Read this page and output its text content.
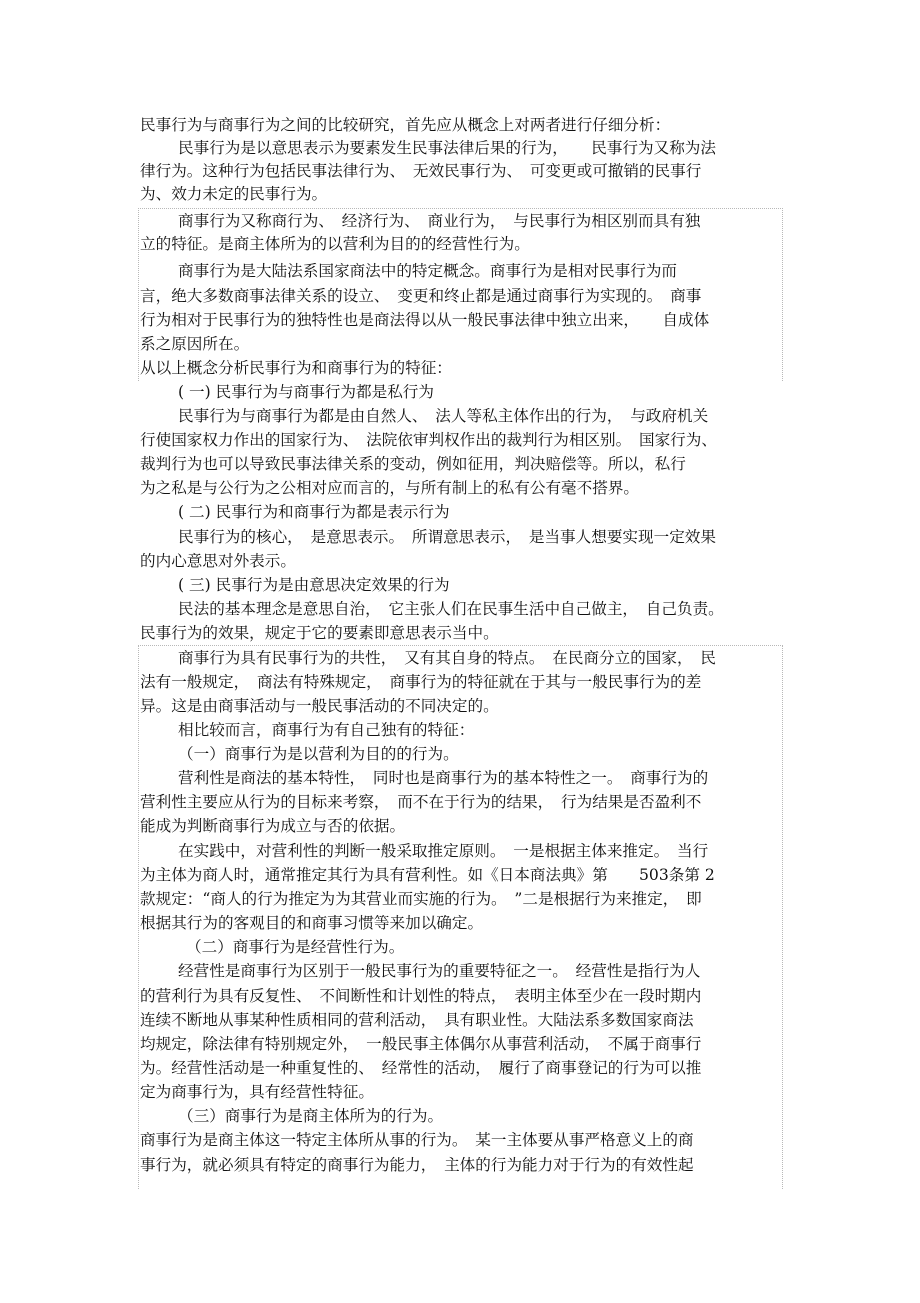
民事行为与商事行为之间的比较研究，首先应从概念上对两者进行仔细分析：
民事行为是以意思表示为要素发生民事法律后果的行为，　　民事行为又称为法
律行为。这种行为包括民事法律行为、　无效民事行为、　可变更或可撤销的民事行
为、效力未定的民事行为。
商事行为又称商行为、　经济行为、　商业行为，　与民事行为相区别而具有独
立的特征。是商主体所为的以营利为目的的经营性行为。
商事行为是大陆法系国家商法中的特定概念。商事行为是相对民事行为而
言，绝大多数商事法律关系的设立、　变更和终止都是通过商事行为实现的。　商事
行为相对于民事行为的独特性也是商法得以从一般民事法律中独立出来，　　自成体
系之原因所在。
从以上概念分析民事行为和商事行为的特征：
( 一) 民事行为与商事行为都是私行为
民事行为与商事行为都是由自然人、　法人等私主体作出的行为，　与政府机关
行使国家权力作出的国家行为、　法院依审判权作出的裁判行为相区别。　国家行为、
裁判行为也可以导致民事法律关系的变动，例如征用，判决赔偿等。所以，私行
为之私是与公行为之公相对应而言的，与所有制上的私有公有毫不搭界。
( 二) 民事行为和商事行为都是表示行为
民事行为的核心，　是意思表示。　所谓意思表示，　是当事人想要实现一定效果
的内心意思对外表示。
( 三) 民事行为是由意思决定效果的行为
民法的基本理念是意思自治，　它主张人们在民事生活中自己做主，　自己负责。
民事行为的效果，规定于它的要素即意思表示当中。
商事行为具有民事行为的共性，　又有其自身的特点。　在民商分立的国家，　民
法有一般规定，　商法有特殊规定，　商事行为的特征就在于其与一般民事行为的差
异。这是由商事活动与一般民事活动的不同决定的。
相比较而言，商事行为有自己独有的特征：
（一）商事行为是以营利为目的的行为。
营利性是商法的基本特性，　同时也是商事行为的基本特性之一。　商事行为的
营利性主要应从行为的目标来考察，　而不在于行为的结果，　行为结果是否盈利不
能成为判断商事行为成立与否的依据。
在实践中，对营利性的判断一般采取推定原则。　一是根据主体来推定。　当行
为主体为商人时，通常推定其行为具有营利性。如《日本商法典》第　　503条第 2
款规定：“商人的行为推定为为其营业而实施的行为。　”二是根据行为来推定，　即
根据其行为的客观目的和商事习惯等来加以确定。
（二）商事行为是经营性行为。
经营性是商事行为区别于一般民事行为的重要特征之一。　经营性是指行为人
的营利行为具有反复性、　不间断性和计划性的特点，　表明主体至少在一段时期内
连续不断地从事某种性质相同的营利活动，　具有职业性。大陆法系多数国家商法
均规定，除法律有特别规定外，　一般民事主体偶尔从事营利活动，　不属于商事行
为。经营性活动是一种重复性的、　经常性的活动，　履行了商事登记的行为可以推
定为商事行为，具有经营性特征。
（三）商事行为是商主体所为的行为。
商事行为是商主体这一特定主体所从事的行为。　某一主体要从事严格意义上的商
事行为，就必须具有特定的商事行为能力，　主体的行为能力对于行为的有效性起
